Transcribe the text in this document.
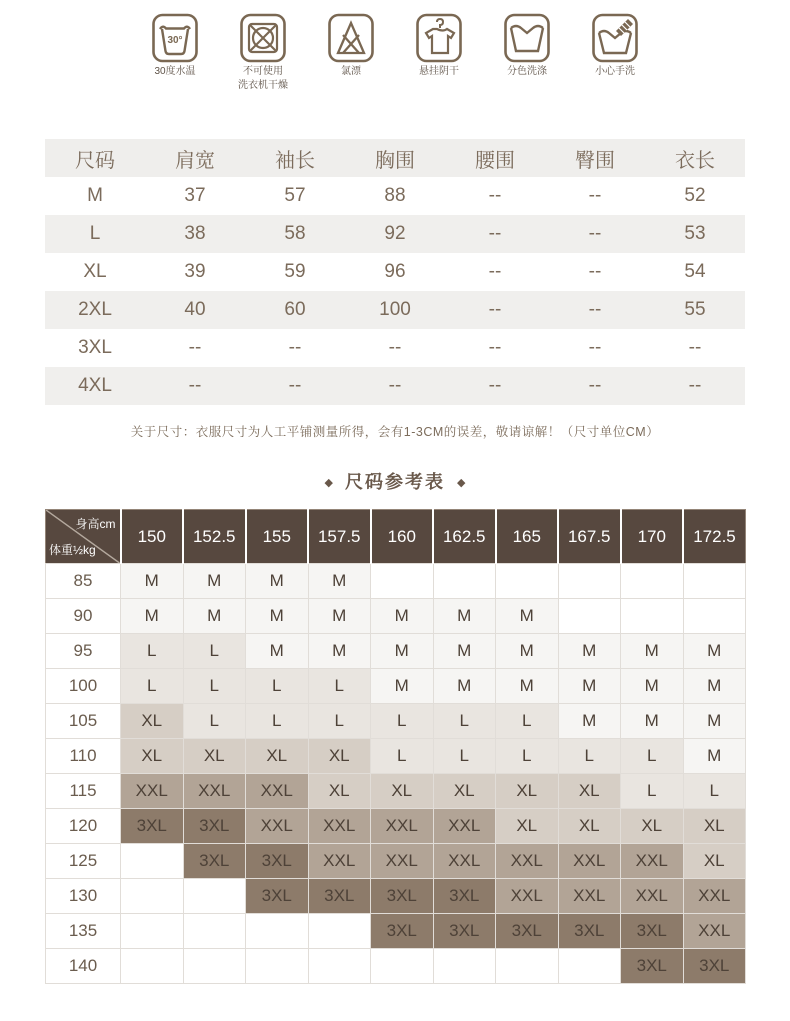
30°
30度水温	不可使用
洗衣机干燥
氯漂	悬挂阴干	分色洗涤	小心手洗

尺码	肩宽	袖长	胸围	腰围	臀围	衣长
M	37	57	88	--	--	52
L	38	58	92	--	--	53
XL	39	59	96	--	--	54
2XL	40	60	100	--	--	55
3XL	--	--	--	--	--	--
4XL	--	--	--	--	--	--
关于尺寸：衣服尺寸为人工平铺测量所得，会有1-3CM的误差，敬请谅解！（尺寸单位CM）
◆ 尺码参考表 ◆
身高cm
体重½kg	150	152.5	155	157.5	160	162.5	165	167.5	170	172.5
85	M	M	M	M						
90	M	M	M	M	M	M	M			
95	L	L	M	M	M	M	M	M	M	M
100	L	L	L	L	M	M	M	M	M	M
105	XL	L	L	L	L	L	L	M	M	M
110	XL	XL	XL	XL	L	L	L	L	L	M
115	XXL	XXL	XXL	XL	XL	XL	XL	XL	L	L
120	3XL	3XL	XXL	XXL	XXL	XXL	XL	XL	XL	XL
125		3XL	3XL	XXL	XXL	XXL	XXL	XXL	XXL	XL
130			3XL	3XL	3XL	3XL	XXL	XXL	XXL	XXL
135					3XL	3XL	3XL	3XL	3XL	XXL
140									3XL	3XL
